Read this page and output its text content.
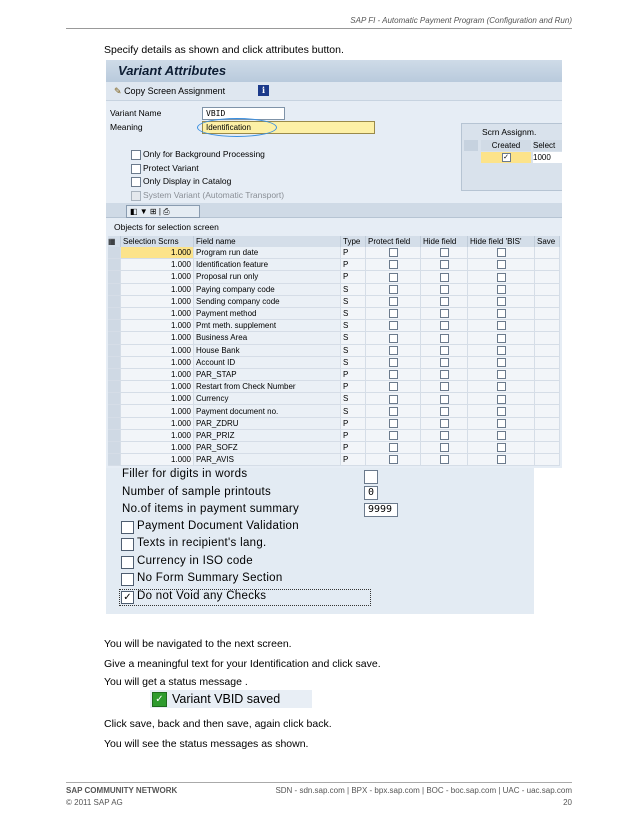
SAP FI - Automatic Payment Program (Configuration and Run)
Specify details as shown and click attributes button.
Variant Attributes
✎ Copy Screen Assignment	i
Variant Name	VBID
Meaning	Identification
Only for Background Processing
Protect Variant
Only Display in Catalog
System Variant (Automatic Transport)
Scrn Assignm.
Created	Select
✓	1000
◧ ▼ ⊞ | ⎙
Objects for selection screen
▦	Selection Scrns	Field name	Type	Protect field	Hide field	Hide field 'BIS'	Save
	1.000	Program run date	P				
	1.000	Identification feature	P				
	1.000	Proposal run only	P				
	1.000	Paying company code	S				
	1.000	Sending company code	S				
	1.000	Payment method	S				
	1.000	Pmt meth. supplement	S				
	1.000	Business Area	S				
	1.000	House Bank	S				
	1.000	Account ID	S				
	1.000	PAR_STAP	P				
	1.000	Restart from Check Number	P				
	1.000	Currency	S				
	1.000	Payment document no.	S				
	1.000	PAR_ZDRU	P				
	1.000	PAR_PRIZ	P				
	1.000	PAR_SOFZ	P				
	1.000	PAR_AVIS	P				
Filler for digits in words
Number of sample printouts	0
No.of items in payment summary	9999
Payment Document Validation
Texts in recipient's lang.
Currency in ISO code
No Form Summary Section
✓ Do not Void any Checks
You will be navigated to the next screen.
Give a meaningful text for your Identification and click save.
You will get a status message .
✓ Variant VBID saved
Click save, back and then save, again click back.
You will see the status messages as shown.
SAP COMMUNITY NETWORK	SDN - sdn.sap.com | BPX - bpx.sap.com | BOC - boc.sap.com | UAC - uac.sap.com
© 2011 SAP AG	20
